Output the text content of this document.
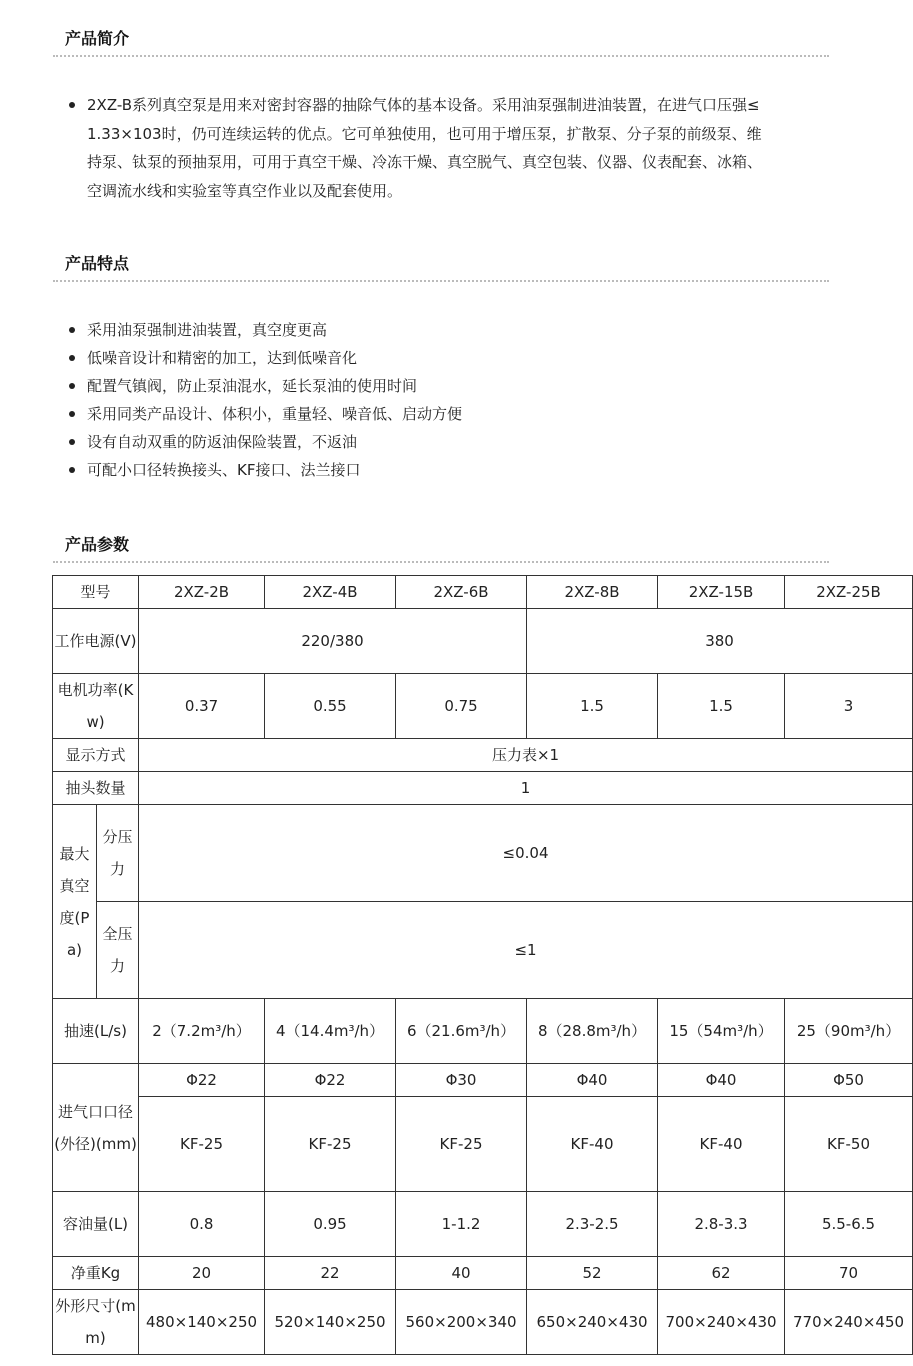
产品简介
2XZ-B系列真空泵是用来对密封容器的抽除气体的基本设备。采用油泵强制进油装置，在进气口压强≤
1.33×103时，仍可连续运转的优点。它可单独使用，也可用于增压泵，扩散泵、分子泵的前级泵、维
持泵、钛泵的预抽泵用，可用于真空干燥、冷冻干燥、真空脱气、真空包装、仪器、仪表配套、冰箱、
空调流水线和实验室等真空作业以及配套使用。
产品特点
采用油泵强制进油装置，真空度更高
低噪音设计和精密的加工，达到低噪音化
配置气镇阀，防止泵油混水，延长泵油的使用时间
采用同类产品设计、体积小，重量轻、噪音低、启动方便
设有自动双重的防返油保险装置，不返油
可配小口径转换接头、KF接口、法兰接口
产品参数
型号		2XZ-2B	2XZ-4B	2XZ-6B	2XZ-8B	2XZ-15B	2XZ-25B
工作电源(V)		220/380			380		
电机功率(Kw)		0.37	0.55	0.75	1.5	1.5	3
显示方式		压力表×1					
抽头数量		1					
最大真空度(Pa)	分压力	≤0.04					
	全压力	≤1					
抽速(L/s)		2（7.2m³/h）	4（14.4m³/h）	6（21.6m³/h）	8（28.8m³/h）	15（54m³/h）	25（90m³/h）
进气口口径(外径)(mm)		Φ22	Φ22	Φ30	Φ40	Φ40	Φ50
		KF-25	KF-25	KF-25	KF-40	KF-40	KF-50
容油量(L)		0.8	0.95	1-1.2	2.3-2.5	2.8-3.3	5.5-6.5
净重Kg		20	22	40	52	62	70
外形尺寸(mm)		480×140×250	520×140×250	560×200×340	650×240×430	700×240×430	770×240×450
